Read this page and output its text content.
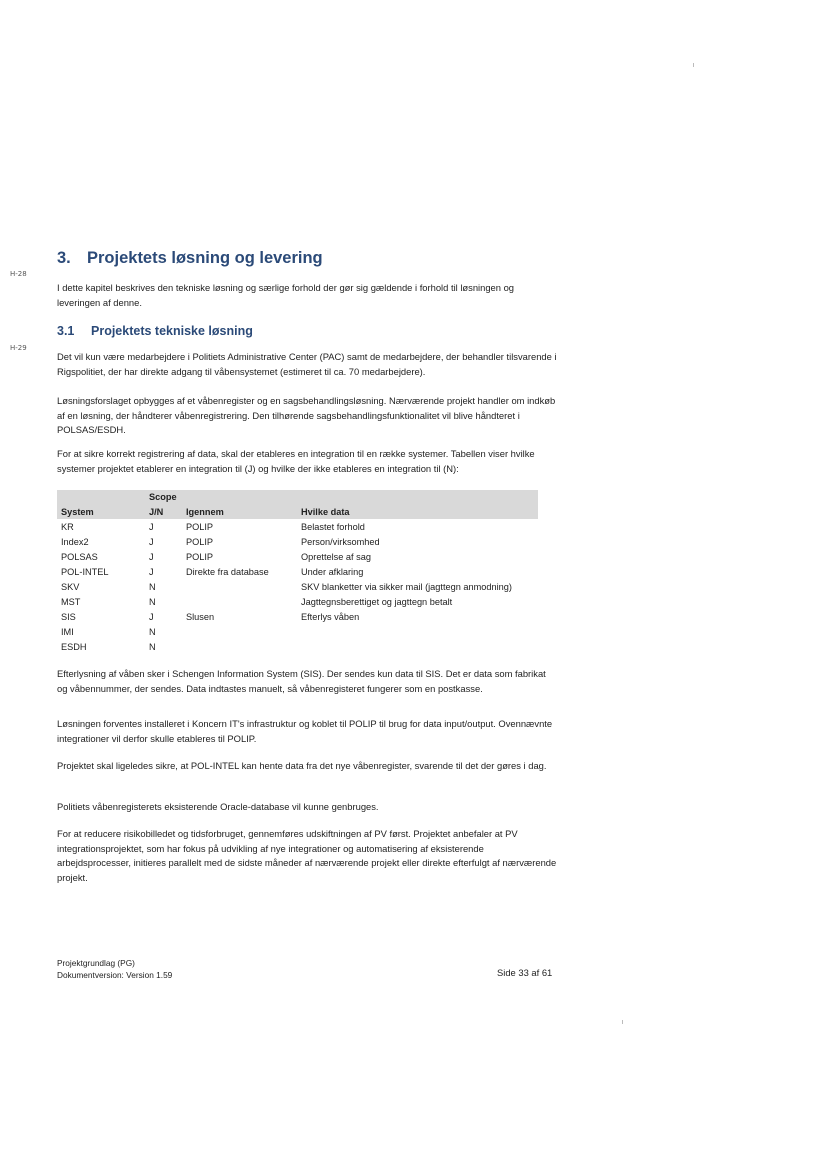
H-28
H-29
3. Projektets løsning og levering

I dette kapitel beskrives den tekniske løsning og særlige forhold der gør sig gældende i forhold til løsningen og leveringen af denne.

3.1 Projektets tekniske løsning

Det vil kun være medarbejdere i Politiets Administrative Center (PAC) samt de medarbejdere, der behandler tilsvarende i Rigspolitiet, der har direkte adgang til våbensystemet (estimeret til ca. 70 medarbejdere).

Løsningsforslaget opbygges af et våbenregister og en sagsbehandlingsløsning. Nærværende projekt handler om indkøb af en løsning, der håndterer våbenregistrering. Den tilhørende sagsbehandlingsfunktionalitet vil blive håndteret i POLSAS/ESDH.

For at sikre korrekt registrering af data, skal der etableres en integration til en række systemer. Tabellen viser hvilke systemer projektet etablerer en integration til (J) og hvilke der ikke etableres en integration til (N):

	Scope		
System	J/N	Igennem	Hvilke data
KR	J	POLIP	Belastet forhold
Index2	J	POLIP	Person/virksomhed
POLSAS	J	POLIP	Oprettelse af sag
POL-INTEL	J	Direkte fra database	Under afklaring
SKV	N		SKV blanketter via sikker mail (jagttegn anmodning)
MST	N		Jagttegnsberettiget og jagttegn betalt
SIS	J	Slusen	Efterlys våben
IMI	N		
ESDH	N		

Efterlysning af våben sker i Schengen Information System (SIS). Der sendes kun data til SIS. Det er data som fabrikat og våbennummer, der sendes. Data indtastes manuelt, så våbenregisteret fungerer som en postkasse.

Løsningen forventes installeret i Koncern IT's infrastruktur og koblet til POLIP til brug for data input/output. Ovennævnte integrationer vil derfor skulle etableres til POLIP.

Projektet skal ligeledes sikre, at POL-INTEL kan hente data fra det nye våbenregister, svarende til det der gøres i dag.

Politiets våbenregisterets eksisterende Oracle-database vil kunne genbruges.

For at reducere risikobilledet og tidsforbruget, gennemføres udskiftningen af PV først. Projektet anbefaler at PV integrationsprojektet, som har fokus på udvikling af nye integrationer og automatisering af eksisterende arbejdsprocesser, initieres parallelt med de sidste måneder af nærværende projekt eller direkte efterfulgt af nærværende projekt.

Projektgrundlag (PG)
Dokumentversion: Version 1.59	Side 33 af 61
